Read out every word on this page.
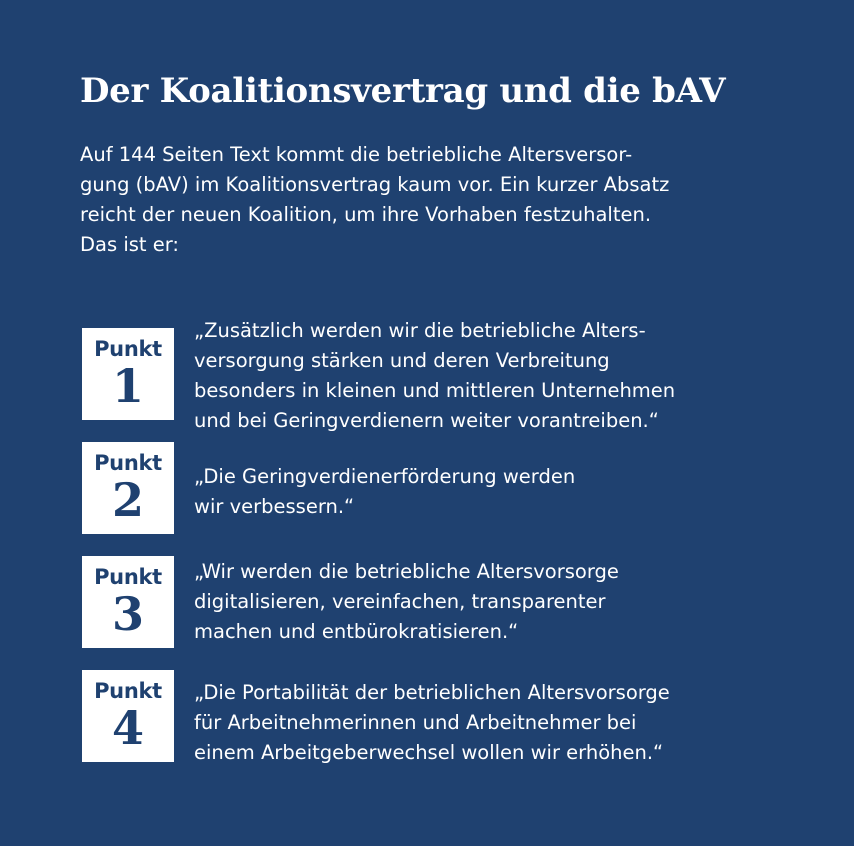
Der Koalitionsvertrag und die bAV
Auf 144 Seiten Text kommt die betriebliche Altersversor-
gung (bAV) im Koalitionsvertrag kaum vor. Ein kurzer Absatz
reicht der neuen Koalition, um ihre Vorhaben festzuhalten.
Das ist er:
Punkt
1
„Zusätzlich werden wir die betriebliche Alters-
versorgung stärken und deren Verbreitung
besonders in kleinen und mittleren Unternehmen
und bei Geringverdienern weiter vorantreiben.“
Punkt
2	„Die Geringverdienerförderung werden
wir verbessern.“
Punkt
3
„Wir werden die betriebliche Altersvorsorge
digitalisieren, vereinfachen, transparenter
machen und entbürokratisieren.“
Punkt
4
„Die Portabilität der betrieblichen Altersvorsorge
für Arbeitnehmerinnen und Arbeitnehmer bei
einem Arbeitgeberwechsel wollen wir erhöhen.“
